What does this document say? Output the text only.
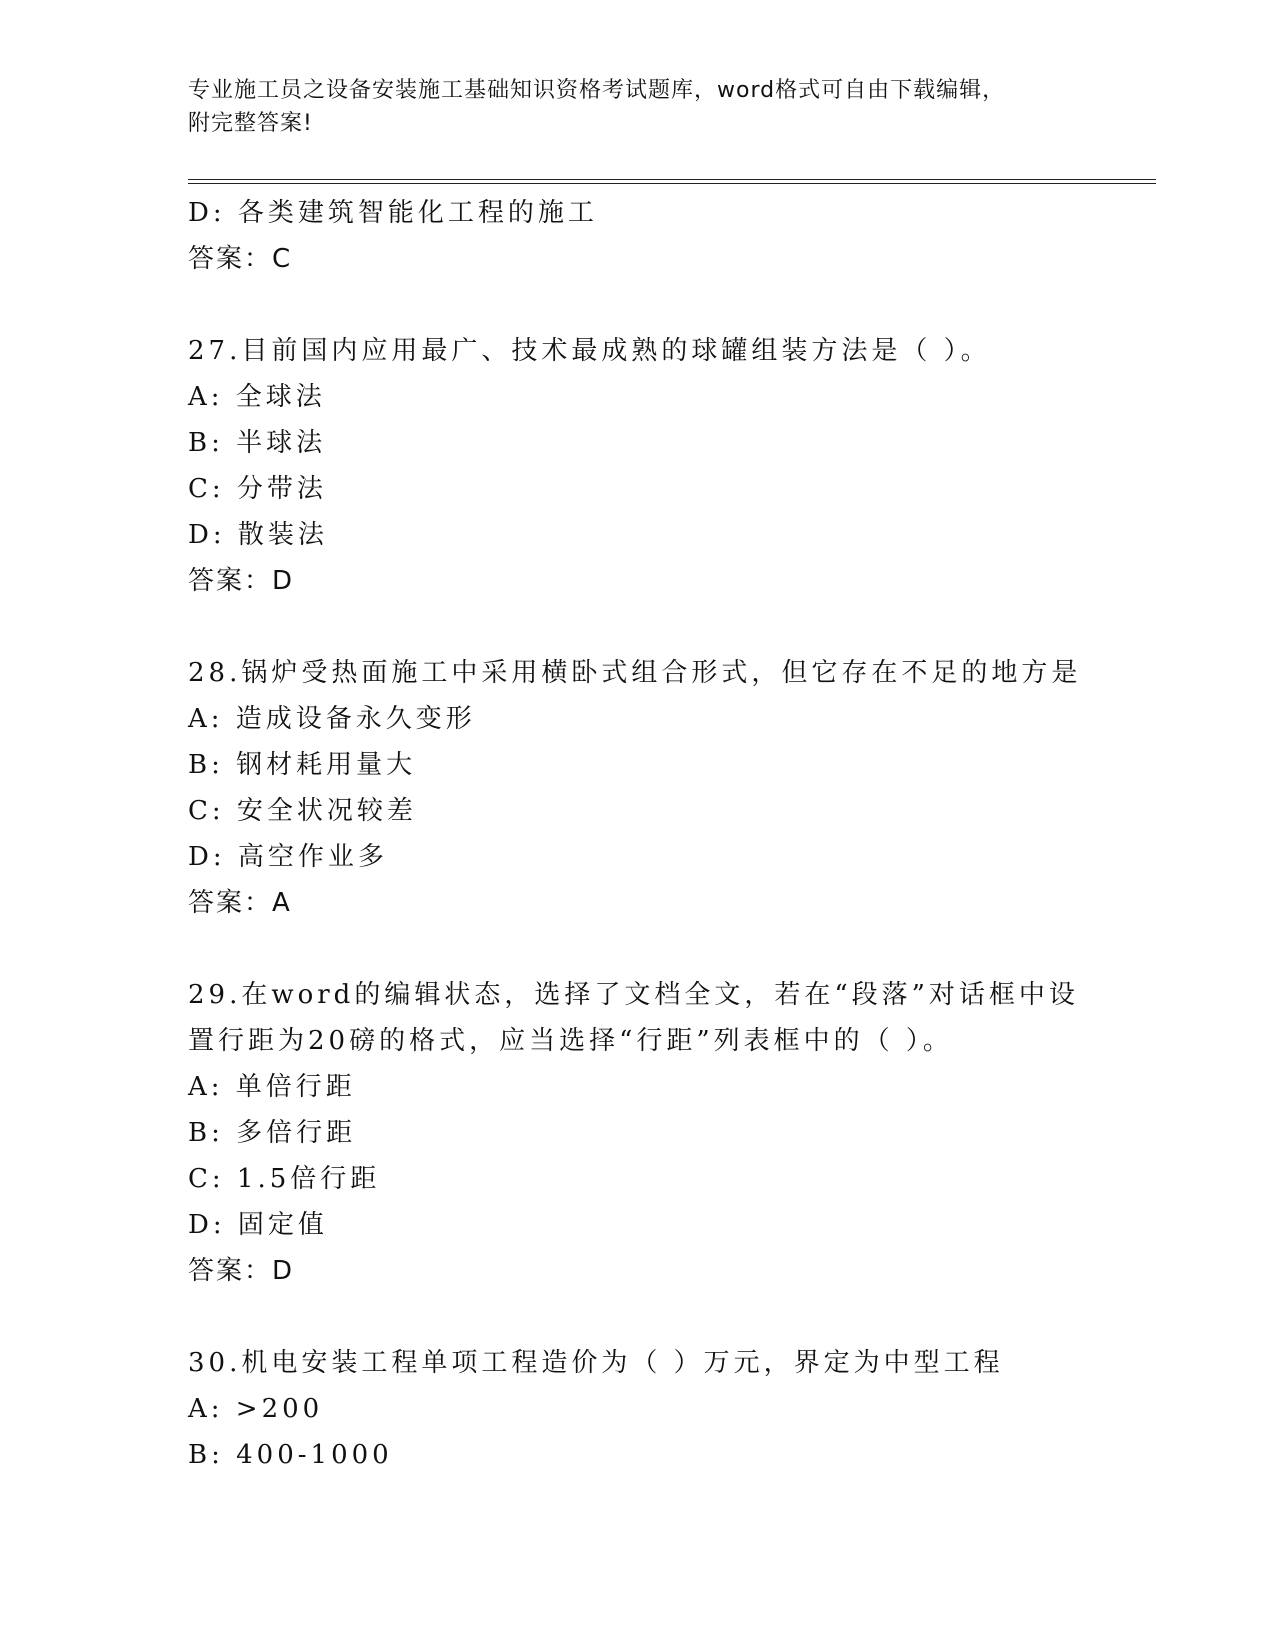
专业施工员之设备安装施工基础知识资格考试题库，word格式可自由下载编辑，
附完整答案!
D: 各类建筑智能化工程的施工
答案：C
27.目前国内应用最广、技术最成熟的球罐组装方法是（ ）。
A: 全球法
B: 半球法
C: 分带法
D: 散装法
答案：D
28.锅炉受热面施工中采用横卧式组合形式，但它存在不足的地方是
A: 造成设备永久变形
B: 钢材耗用量大
C: 安全状况较差
D: 高空作业多
答案：A
29.在word的编辑状态，选择了文档全文，若在“段落”对话框中设
置行距为20磅的格式，应当选择“行距”列表框中的（ ）。
A: 单倍行距
B: 多倍行距
C: 1.5倍行距
D: 固定值
答案：D
30.机电安装工程单项工程造价为（ ）万元，界定为中型工程
A: >200
B: 400-1000
